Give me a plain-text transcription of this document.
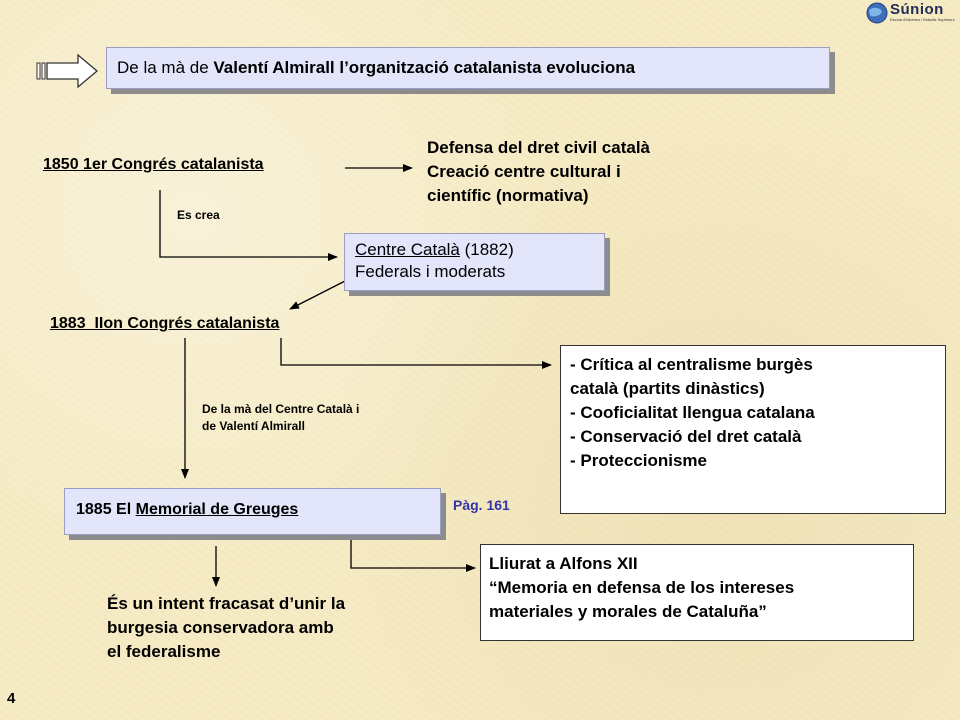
Súnion
Escola d'Idiomes i Estudis Superiors
De la mà de Valentí Almirall l’organització catalanista evoluciona
1850 1er Congrés catalanista
Defensa del dret civil català
Creació centre cultural i
científic (normativa)
Es crea
Centre Català (1882)
Federals i moderats
1883  IIon Congrés catalanista
- Crítica al centralisme burgès
català (partits dinàstics)
- Cooficialitat llengua catalana
- Conservació del dret català
- Proteccionisme
De la mà del Centre Català i
de Valentí Almirall
1885 El Memorial de Greuges	Pàg. 161
Lliurat a Alfons XII
“Memoria en defensa de los intereses
materiales y morales de Cataluña”
És un intent fracasat d’unir la
burgesia conservadora amb
el federalisme
4
